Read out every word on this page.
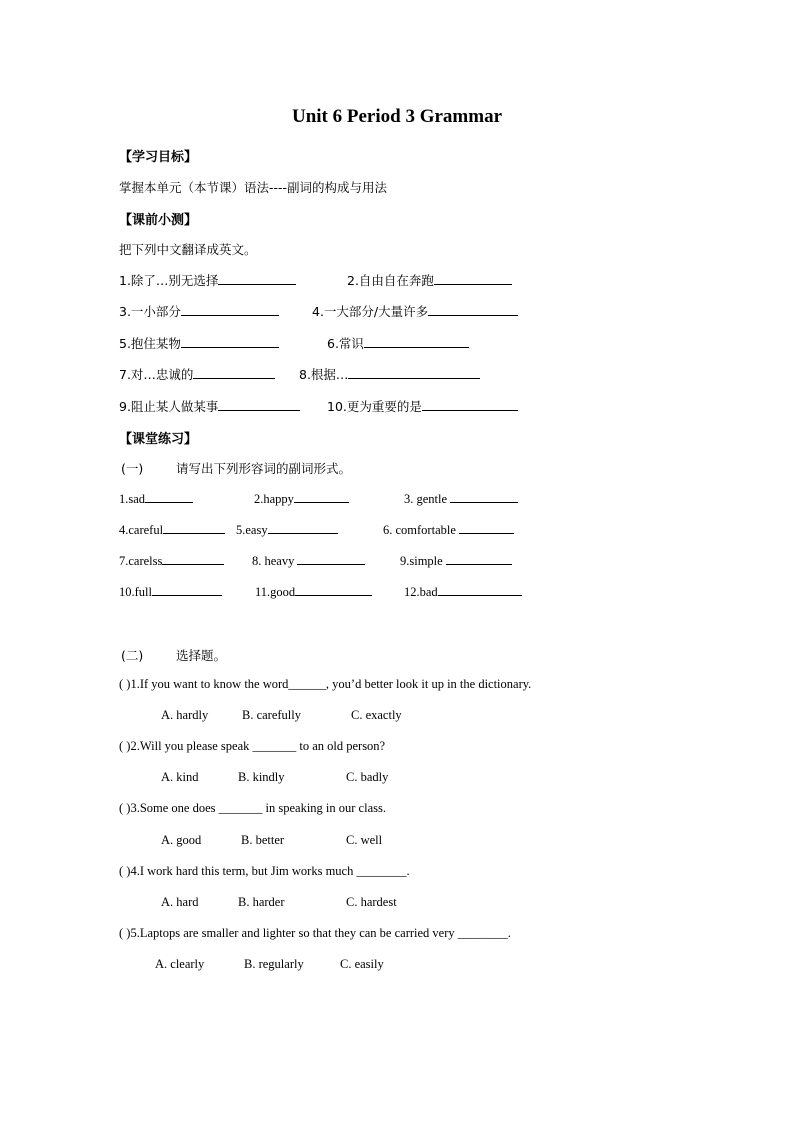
Unit 6 Period 3 Grammar
【学习目标】
掌握本单元（本节课）语法----副词的构成与用法
【课前小测】
把下列中文翻译成英文。
1.除了…别无选择	2.自由自在奔跑
3.一小部分	4.一大部分/大量许多
5.抱住某物	6.常识
7.对…忠诚的	8.根据…
9.阻止某人做某事	10.更为重要的是
【课堂练习】
(一)	请写出下列形容词的副词形式。
1.sad	2.happy	3. gentle
4.careful	5.easy	6. comfortable
7.carelss	8. heavy	9.simple
10.full	11.good	12.bad
(二)	选择题。
( )1.If you want to know the word______, you’d better look it up in the dictionary.
A. hardly	B. carefully	C. exactly
( )2.Will you please speak _______ to an old person?
A. kind	B. kindly	C. badly
( )3.Some one does _______ in speaking in our class.
A. good	B. better	C. well
( )4.I work hard this term, but Jim works much ________.
A. hard	B. harder	C. hardest
( )5.Laptops are smaller and lighter so that they can be carried very ________.
A. clearly	B. regularly	C. easily
